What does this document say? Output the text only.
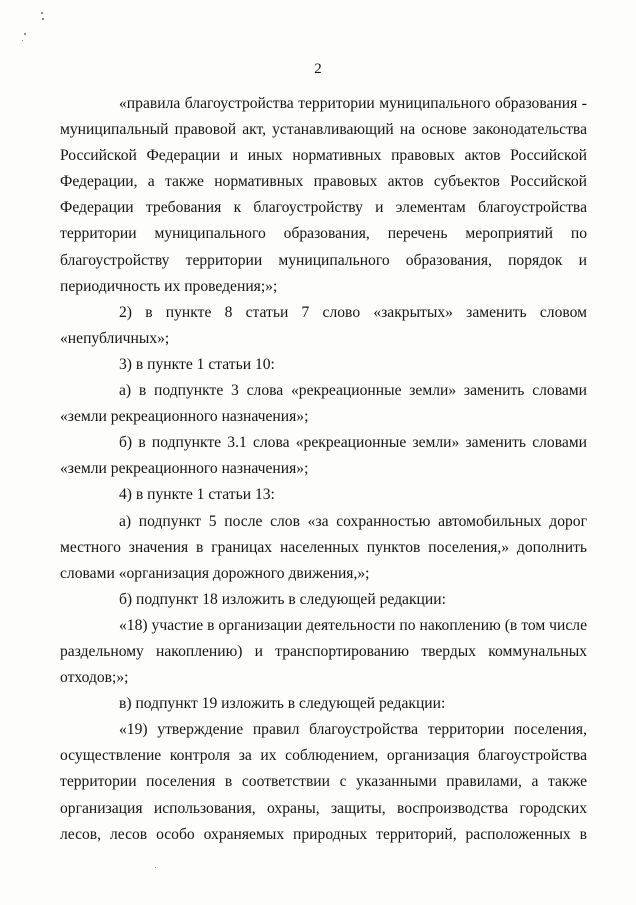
2
«правила благоустройства территории муниципального образования -
муниципальный правовой акт, устанавливающий на основе законодательства
Российской Федерации и иных нормативных правовых актов Российской
Федерации, а также нормативных правовых актов субъектов Российской
Федерации требования к благоустройству и элементам благоустройства
территории муниципального образования, перечень мероприятий по
благоустройству территории муниципального образования, порядок и
периодичность их проведения;»;
2) в пункте 8 статьи 7 слово «закрытых» заменить словом
«непубличных»;
3) в пункте 1 статьи 10:
а) в подпункте 3 слова «рекреационные земли» заменить словами
«земли рекреационного назначения»;
б) в подпункте 3.1 слова «рекреационные земли» заменить словами
«земли рекреационного назначения»;
4) в пункте 1 статьи 13:
а) подпункт 5 после слов «за сохранностью автомобильных дорог
местного значения в границах населенных пунктов поселения,» дополнить
словами «организация дорожного движения,»;
б) подпункт 18 изложить в следующей редакции:
«18) участие в организации деятельности по накоплению (в том числе
раздельному накоплению) и транспортированию твердых коммунальных
отходов;»;
в) подпункт 19 изложить в следующей редакции:
«19) утверждение правил благоустройства территории поселения,
осуществление контроля за их соблюдением, организация благоустройства
территории поселения в соответствии с указанными правилами, а также
организация использования, охраны, защиты, воспроизводства городских
лесов, лесов особо охраняемых природных территорий, расположенных в
